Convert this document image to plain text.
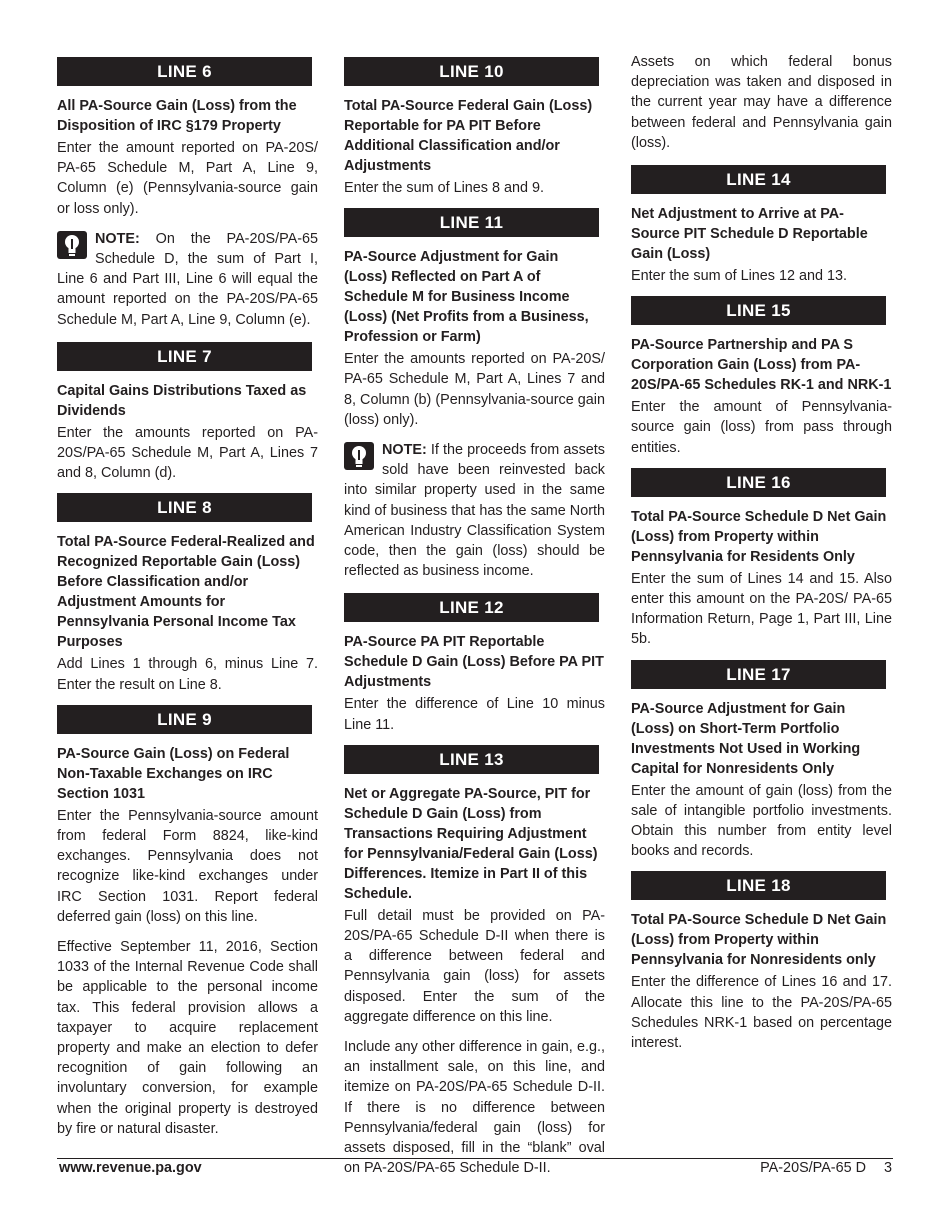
LINE 6
All PA-Source Gain (Loss) from the Disposition of IRC §179 Property
Enter the amount reported on PA-20S/ PA-65 Schedule M, Part A, Line 9, Column (e) (Pennsylvania-source gain or loss only).
NOTE: On the PA-20S/PA-65 Schedule D, the sum of Part I, Line 6 and Part III, Line 6 will equal the amount reported on the PA-20S/PA-65 Schedule M, Part A, Line 9, Column (e).
LINE 7
Capital Gains Distributions Taxed as Dividends
Enter the amounts reported on PA-20S/PA-65 Schedule M, Part A, Lines 7 and 8, Column (d).
LINE 8
Total PA-Source Federal-Realized and Recognized Reportable Gain (Loss) Before Classification and/or Adjustment Amounts for Pennsylvania Personal Income Tax Purposes
Add Lines 1 through 6, minus Line 7. Enter the result on Line 8.
LINE 9
PA-Source Gain (Loss) on Federal Non-Taxable Exchanges on IRC Section 1031
Enter the Pennsylvania-source amount from federal Form 8824, like-kind exchanges. Pennsylvania does not recognize like-kind exchanges under IRC Section 1031. Report federal deferred gain (loss) on this line.
Effective September 11, 2016, Section 1033 of the Internal Revenue Code shall be applicable to the personal income tax. This federal provision allows a taxpayer to acquire replacement property and make an election to defer recognition of gain following an involuntary conversion, for example when the original property is destroyed by fire or natural disaster.
LINE 10
Total PA-Source Federal Gain (Loss) Reportable for PA PIT Before Additional Classification and/or Adjustments
Enter the sum of Lines 8 and 9.
LINE 11
PA-Source Adjustment for Gain (Loss) Reflected on Part A of Schedule M for Business Income (Loss) (Net Profits from a Business, Profession or Farm)
Enter the amounts reported on PA-20S/ PA-65 Schedule M, Part A, Lines 7 and 8, Column (b) (Pennsylvania-source gain (loss) only).
NOTE: If the proceeds from assets sold have been reinvested back into similar property used in the same kind of business that has the same North American Industry Classification System code, then the gain (loss) should be reflected as business income.
LINE 12
PA-Source PA PIT Reportable Schedule D Gain (Loss) Before PA PIT Adjustments
Enter the difference of Line 10 minus Line 11.
LINE 13
Net or Aggregate PA-Source, PIT for Schedule D Gain (Loss) from Transactions Requiring Adjustment for Pennsylvania/Federal Gain (Loss) Differences. Itemize in Part II of this Schedule.
Full detail must be provided on PA-20S/PA-65 Schedule D-II when there is a difference between federal and Pennsylvania gain (loss) for assets disposed. Enter the sum of the aggregate difference on this line.
Include any other difference in gain, e.g., an installment sale, on this line, and itemize on PA-20S/PA-65 Schedule D-II. If there is no difference between Pennsylvania/federal gain (loss) for assets disposed, fill in the “blank” oval on PA-20S/PA-65 Schedule D-II.
Assets on which federal bonus depreciation was taken and disposed in the current year may have a difference between federal and Pennsylvania gain (loss).
LINE 14
Net Adjustment to Arrive at PA-Source PIT Schedule D Reportable Gain (Loss)
Enter the sum of Lines 12 and 13.
LINE 15
PA-Source Partnership and PA S Corporation Gain (Loss) from PA-20S/PA-65 Schedules RK-1 and NRK-1
Enter the amount of Pennsylvania-source gain (loss) from pass through entities.
LINE 16
Total PA-Source Schedule D Net Gain (Loss) from Property within Pennsylvania for Residents Only
Enter the sum of Lines 14 and 15. Also enter this amount on the PA-20S/ PA-65 Information Return, Page 1, Part III, Line 5b.
LINE 17
PA-Source Adjustment for Gain (Loss) on Short-Term Portfolio Investments Not Used in Working Capital for Nonresidents Only
Enter the amount of gain (loss) from the sale of intangible portfolio investments. Obtain this number from entity level books and records.
LINE 18
Total PA-Source Schedule D Net Gain (Loss) from Property within Pennsylvania for Nonresidents only
Enter the difference of Lines 16 and 17. Allocate this line to the PA-20S/PA-65 Schedules NRK-1 based on percentage interest.
www.revenue.pa.gov	PA-20S/PA-65 D 3
